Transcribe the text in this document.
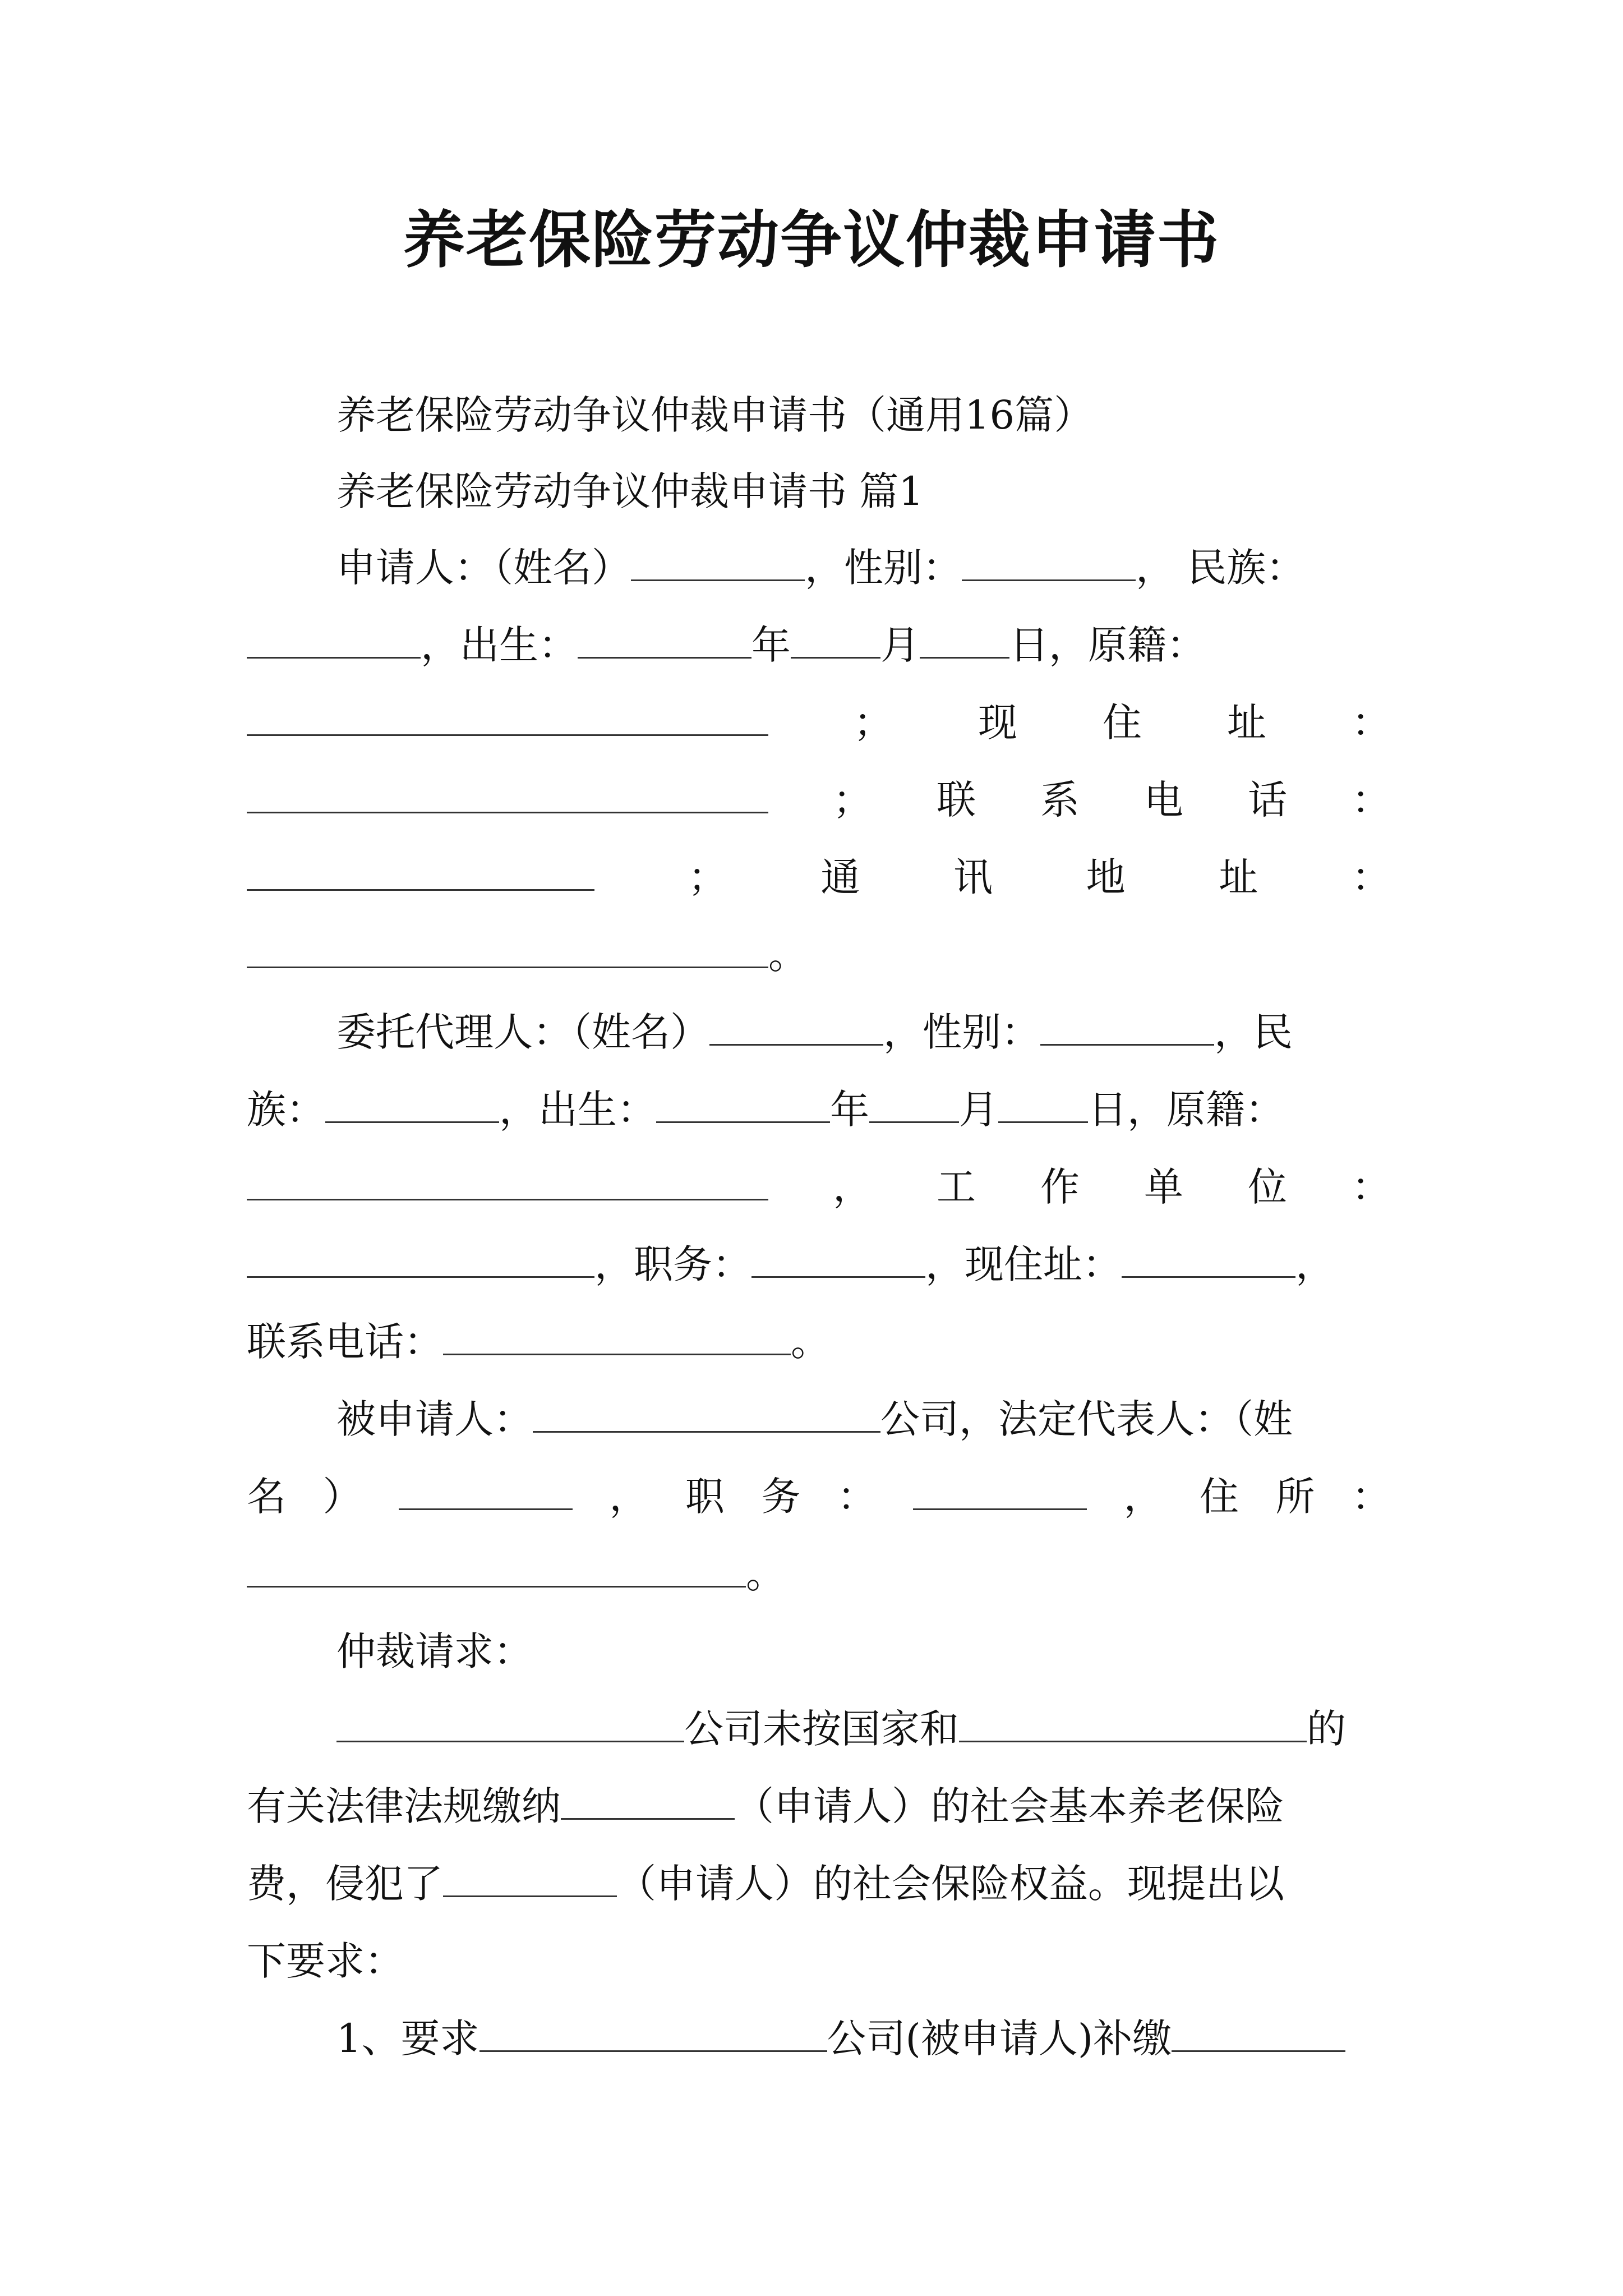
养老保险劳动争议仲裁申请书
养老保险劳动争议仲裁申请书（通用16篇）
养老保险劳动争议仲裁申请书 篇1
申请人：（姓名）	，性别：	， 民族：
，出生：	年 月 日，原籍：
； 现 住 址 ：
； 联 系 电 话 ：
； 通 讯 地 址 ：
。
委托代理人：（姓名）	，性别：	，民
族：	，出生：	年 月 日，原籍：
， 工 作 单 位 ：
，职务：	，现住址：	，
联系电话：	。
被申请人：	公司，法定代表人：（姓
名 ）	， 职 务 ：	， 住 所 ：
。
仲裁请求：
公司未按国家和	的
有关法律法规缴纳	（申请人）的社会基本养老保险
费，侵犯了	（申请人）的社会保险权益。现提出以
下要求：
1、要求	公司(被申请人)补缴
